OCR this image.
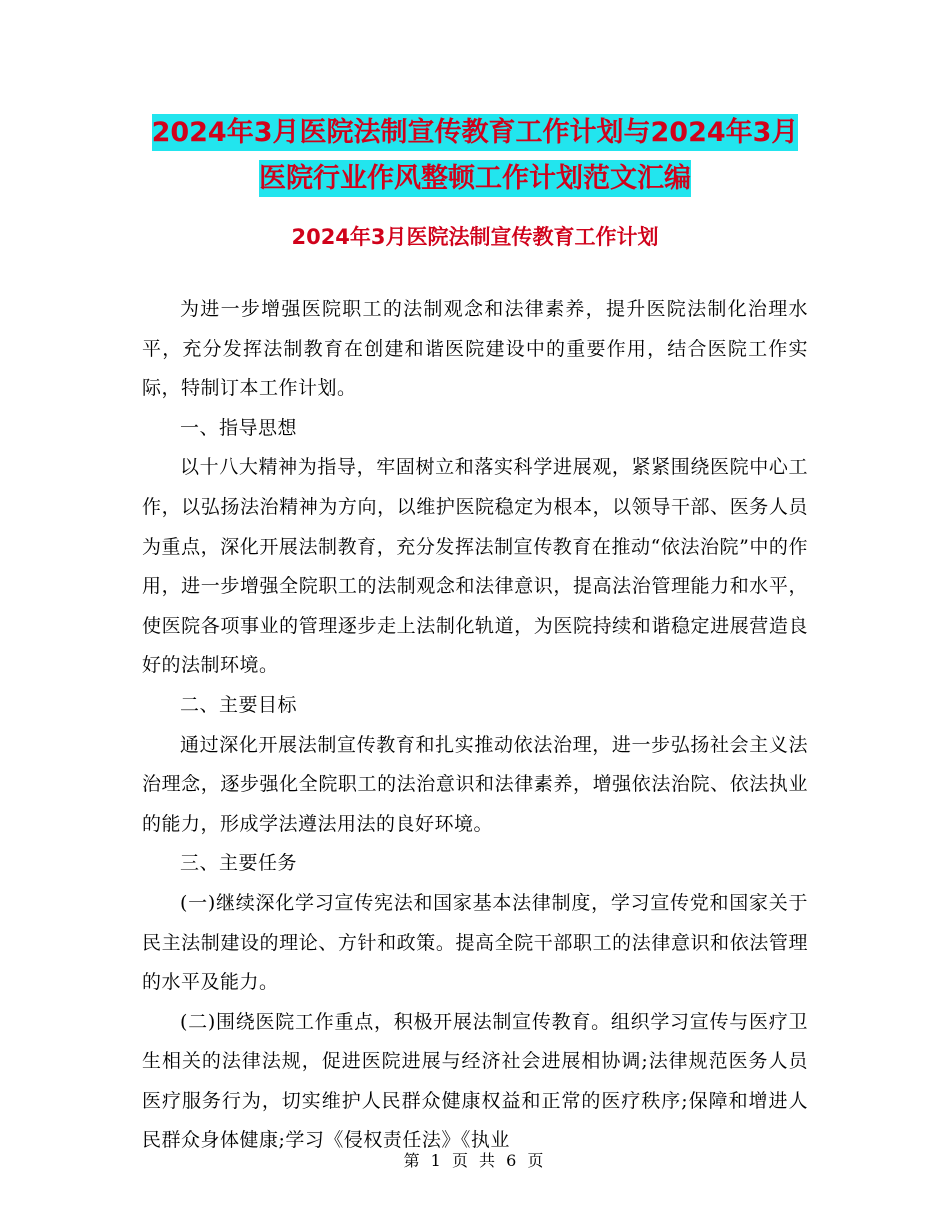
2024年3月医院法制宣传教育工作计划与2024年3月
医院行业作风整顿工作计划范文汇编
2024年3月医院法制宣传教育工作计划

为进一步增强医院职工的法制观念和法律素养，提升医院法制化治理水平，充分发挥法制教育在创建和谐医院建设中的重要作用，结合医院工作实际，特制订本工作计划。

一、指导思想

以十八大精神为指导，牢固树立和落实科学进展观，紧紧围绕医院中心工作，以弘扬法治精神为方向，以维护医院稳定为根本，以领导干部、医务人员为重点，深化开展法制教育，充分发挥法制宣传教育在推动“依法治院”中的作用，进一步增强全院职工的法制观念和法律意识，提高法治管理能力和水平，使医院各项事业的管理逐步走上法制化轨道，为医院持续和谐稳定进展营造良好的法制环境。

二、主要目标

通过深化开展法制宣传教育和扎实推动依法治理，进一步弘扬社会主义法治理念，逐步强化全院职工的法治意识和法律素养，增强依法治院、依法执业的能力，形成学法遵法用法的良好环境。

三、主要任务

(一)继续深化学习宣传宪法和国家基本法律制度，学习宣传党和国家关于民主法制建设的理论、方针和政策。提高全院干部职工的法律意识和依法管理的水平及能力。

(二)围绕医院工作重点，积极开展法制宣传教育。组织学习宣传与医疗卫生相关的法律法规，促进医院进展与经济社会进展相协调;法律规范医务人员医疗服务行为，切实维护人民群众健康权益和正常的医疗秩序;保障和增进人民群众身体健康;学习《侵权责任法》《执业

第 1 页 共 6 页
